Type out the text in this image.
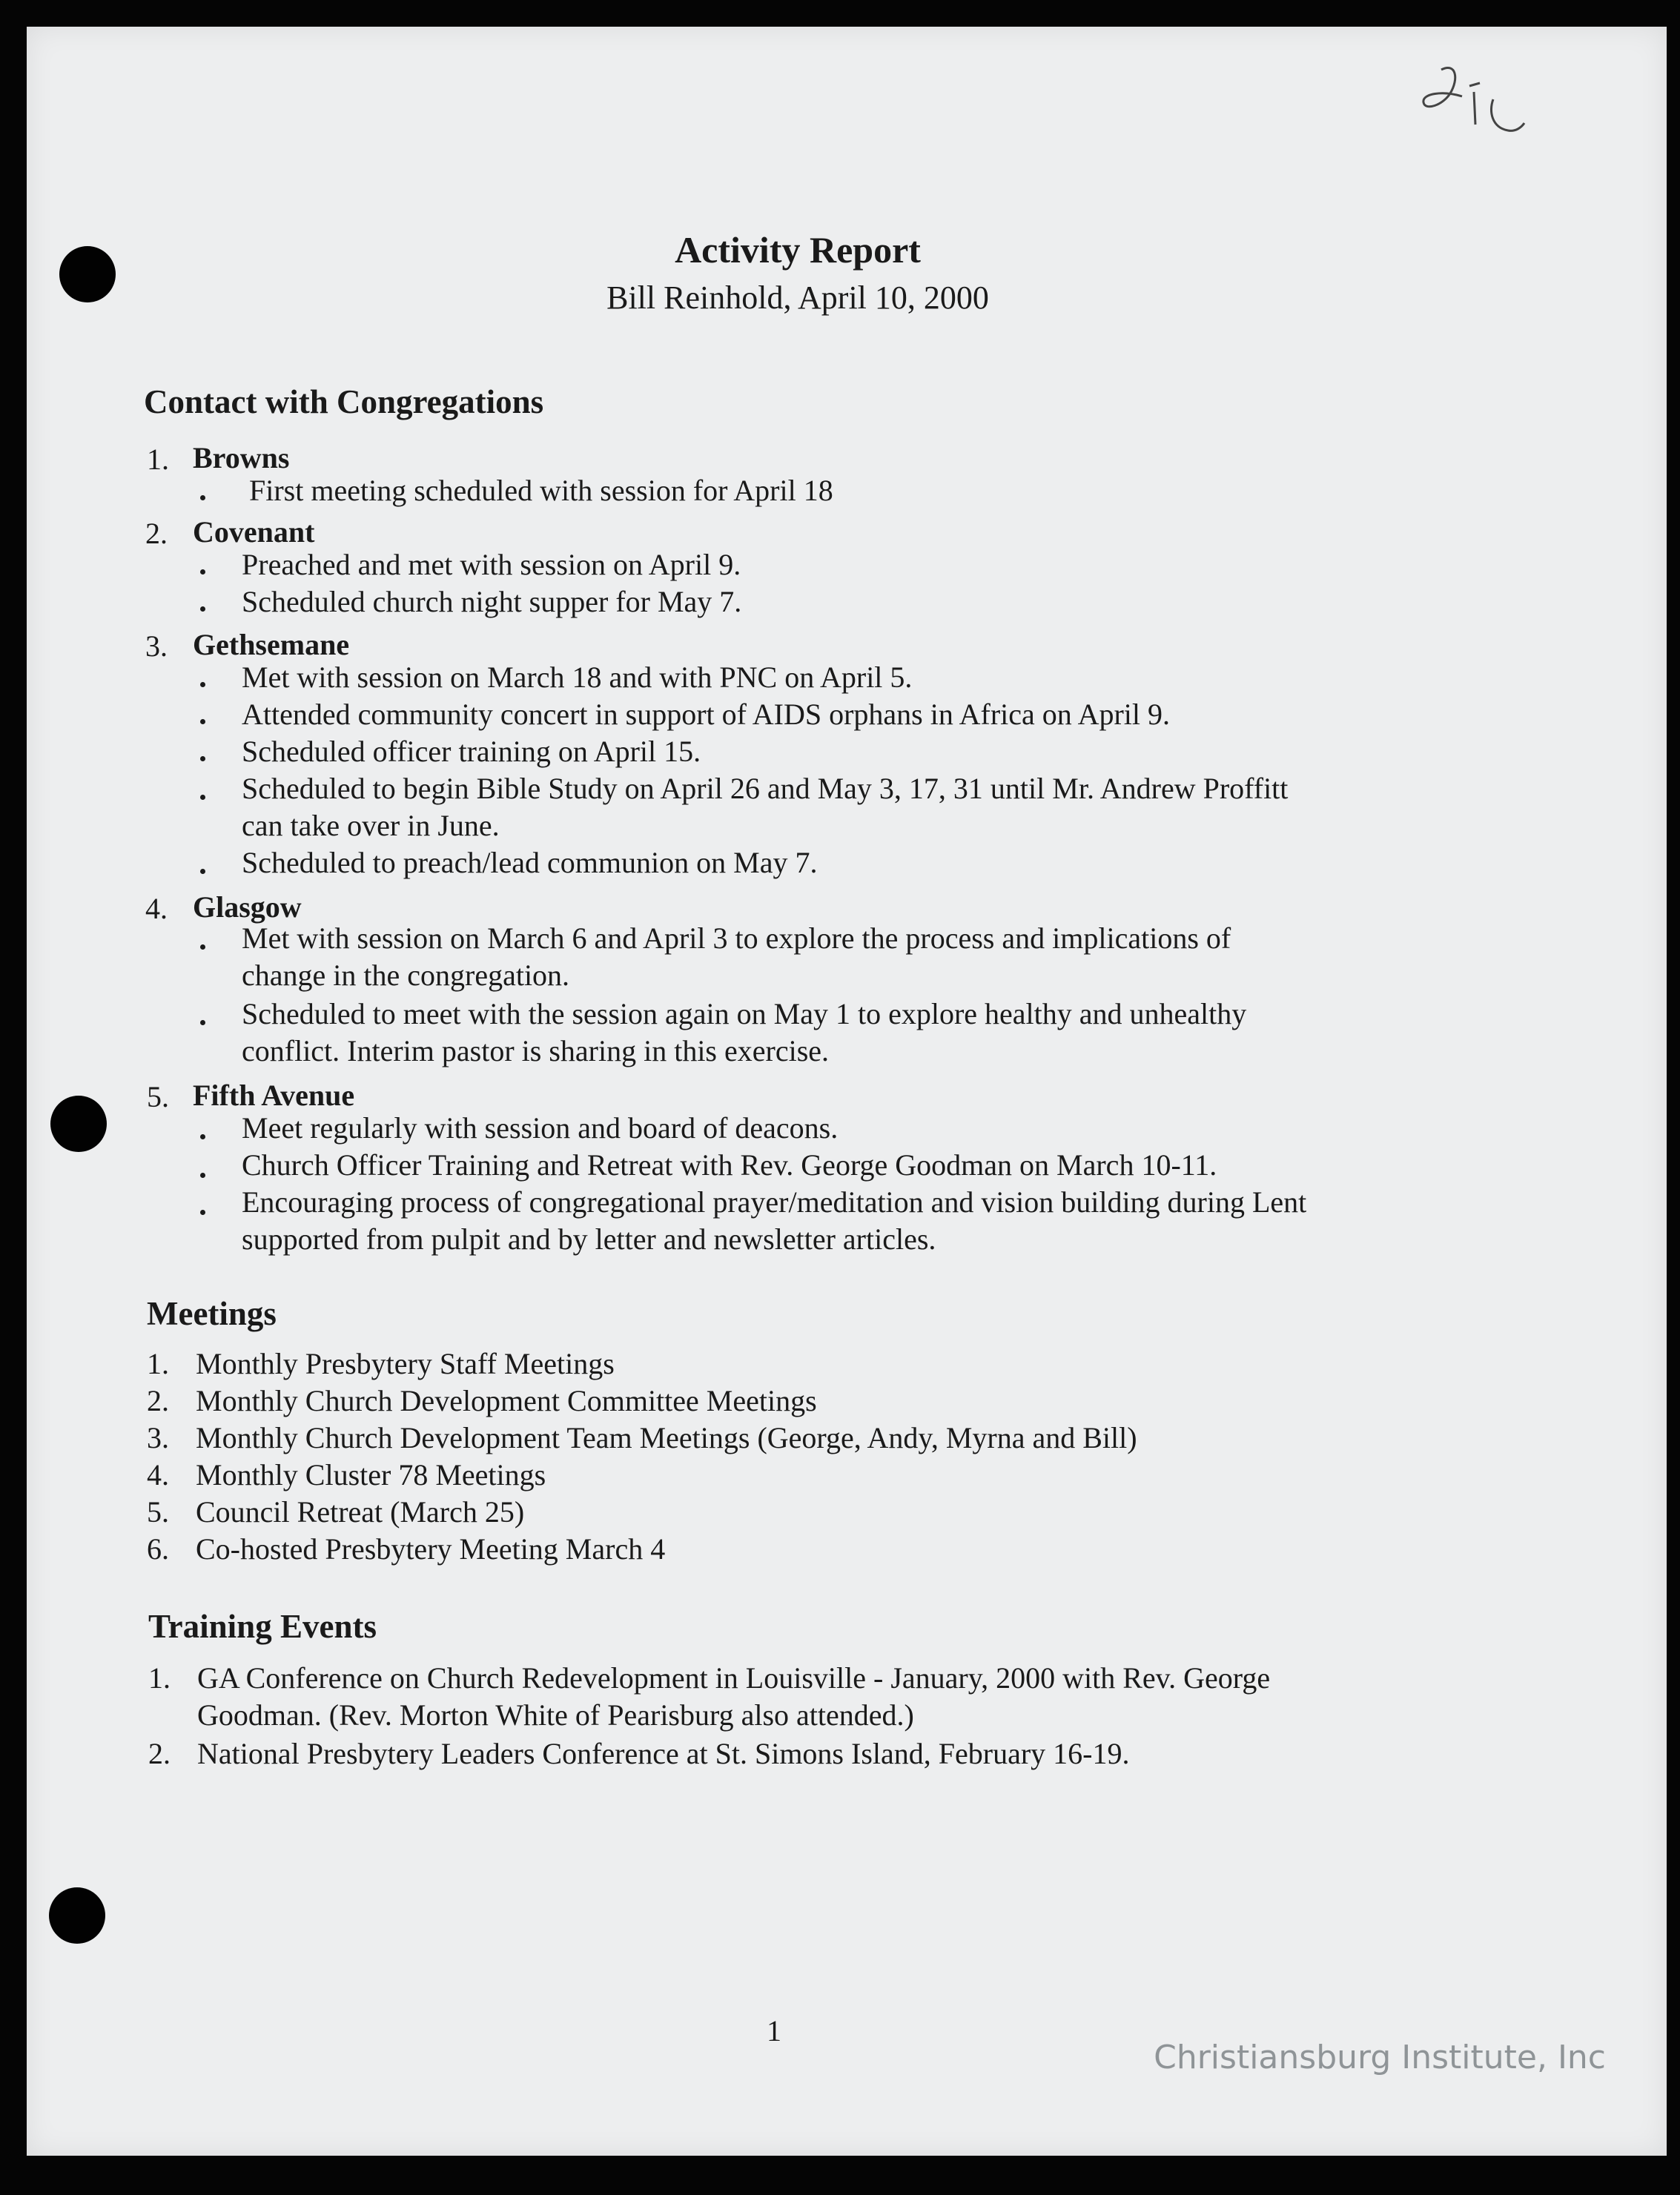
Activity Report
Bill Reinhold, April 10, 2000
Contact with Congregations
1. Browns
First meeting scheduled with session for April 18
2. Covenant
Preached and met with session on April 9.
Scheduled church night supper for May 7.
3. Gethsemane
Met with session on March 18 and with PNC on April 5.
Attended community concert in support of AIDS orphans in Africa on April 9.
Scheduled officer training on April 15.
Scheduled to begin Bible Study on April 26 and May 3, 17, 31 until Mr. Andrew Proffitt
can take over in June.
Scheduled to preach/lead communion on May 7.
4. Glasgow
Met with session on March 6 and April 3 to explore the process and implications of
change in the congregation.
Scheduled to meet with the session again on May 1 to explore healthy and unhealthy
conflict. Interim pastor is sharing in this exercise.
5. Fifth Avenue
Meet regularly with session and board of deacons.
Church Officer Training and Retreat with Rev. George Goodman on March 10-11.
Encouraging process of congregational prayer/meditation and vision building during Lent
supported from pulpit and by letter and newsletter articles.
Meetings
1. Monthly Presbytery Staff Meetings
2. Monthly Church Development Committee Meetings
3. Monthly Church Development Team Meetings (George, Andy, Myrna and Bill)
4. Monthly Cluster 78 Meetings
5. Council Retreat (March 25)
6. Co-hosted Presbytery Meeting March 4
Training Events
1. GA Conference on Church Redevelopment in Louisville - January, 2000 with Rev. George
Goodman. (Rev. Morton White of Pearisburg also attended.)
2. National Presbytery Leaders Conference at St. Simons Island, February 16-19.
1
Christiansburg Institute, Inc
